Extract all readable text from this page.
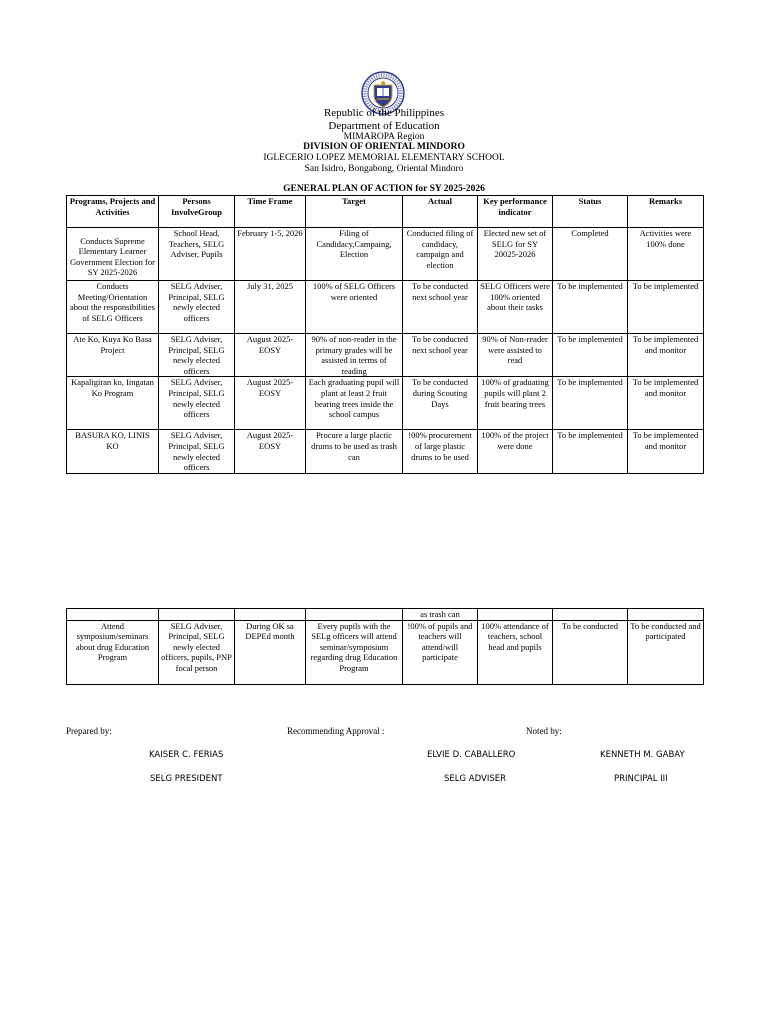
Republic of the Philippines
Department of Education
MIMAROPA Region
DIVISION OF ORIENTAL MINDORO
IGLECERIO LOPEZ MEMORIAL ELEMENTARY SCHOOL
San Isidro, Bongabong, Oriental Mindoro
GENERAL PLAN OF ACTION for SY 2025-2026
Programs, Projects and Activities	Persons InvolveGroup	Time Frame	Target	Actual	Key performance indicator	Status	Remarks
Conducts Supreme Elementary Learner Government Election for SY 2025-2026	School Head, Teachers, SELG Adviser, Pupils	February 1-5, 2026	Filing of Candidacy,Campaing, Election	Conducted filing of candidacy, campaign and election	Elected new set of SELG for SY 20025-2026	Completed	Activities were 100% done
Conducts Meeting/Orientation about the responsibilities of SELG Officers	SELG Adviser, Principal, SELG newly elected officers	July 31, 2025	100% of SELG Officers were oriented	To be conducted next school year	SELG Officers were 100% oriented about their tasks	To be implemented	To be implemented
Ate Ko, Kuya Ko Basa Project	SELG Adviser, Principal, SELG newly elected officers	August 2025-EOSY	90% of non-reader in the primary grades will be assisted in terms of reading	To be conducted next school year	90% of Non-reader were assisted to read	To be implemented	To be implemented and monitor
Kapaligiran ko, Iingatan Ko Program	SELG Adviser, Principal, SELG newly elected officers	August 2025-EOSY	Each graduating pupil will plant at least 2 fruit bearing trees inside the school campus	To be conducted during Scouting Days	100% of graduating pupils will plant 2 fruit bearing trees	To be implemented	To be implemented and monitor
BASURA KO, LINIS KO	SELG Adviser, Principal, SELG newly elected officers	August 2025-EOSY	Procure a large plactic drums to be used as trash can	!00% procurement of large plastic drums to be used	100% of the project were done	To be implemented	To be implemented and monitor
				as trash can			
Attend symposium/seminars about drug Education Program	SELG Adviser, Principal, SELG newly elected officers, pupils, PNP focal person	During OK sa DEPEd month	Every pupils with the SELg officers will attend seminar/symposium regarding drug Education Program	!00% of pupils and teachers will attend/will participate	100% attendance of teachers, school head and pupils	To be conducted	To be conducted and participated
Prepared by:	Recommending Approval :	Noted by:
KAISER C. FERIAS	ELVIE D. CABALLERO	KENNETH M. GABAY
SELG PRESIDENT	SELG ADVISER	PRINCIPAL III
